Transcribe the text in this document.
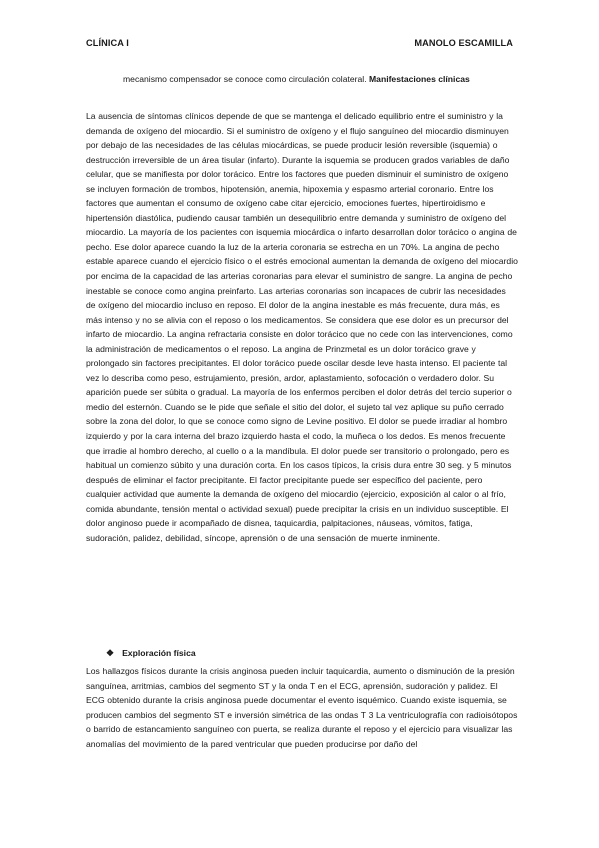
CLÍNICA I	MANOLO ESCAMILLA
mecanismo compensador se conoce como circulación colateral. Manifestaciones clínicas

La ausencia de síntomas clínicos depende de que se mantenga el delicado equilibrio entre el suministro y la demanda de oxígeno del miocardio. Si el suministro de oxígeno y el flujo sanguíneo del miocardio disminuyen por debajo de las necesidades de las células miocárdicas, se puede producir lesión reversible (isquemia) o destrucción irreversible de un área tisular (infarto). Durante la isquemia se producen grados variables de daño celular, que se manifiesta por dolor torácico. Entre los factores que pueden disminuir el suministro de oxígeno se incluyen formación de trombos, hipotensión, anemia, hipoxemia y espasmo arterial coronario. Entre los factores que aumentan el consumo de oxígeno cabe citar ejercicio, emociones fuertes, hipertiroidismo e hipertensión diastólica, pudiendo causar también un desequilibrio entre demanda y suministro de oxígeno del miocardio. La mayoría de los pacientes con isquemia miocárdica o infarto desarrollan dolor torácico o angina de pecho. Ese dolor aparece cuando la luz de la arteria coronaria se estrecha en un 70%. La angina de pecho estable aparece cuando el ejercicio físico o el estrés emocional aumentan la demanda de oxígeno del miocardio por encima de la capacidad de las arterias coronarias para elevar el suministro de sangre. La angina de pecho inestable se conoce como angina preinfarto. Las arterias coronarias son incapaces de cubrir las necesidades de oxígeno del miocardio incluso en reposo. El dolor de la angina inestable es más frecuente, dura más, es más intenso y no se alivia con el reposo o los medicamentos. Se considera que ese dolor es un precursor del infarto de miocardio. La angina refractaria consiste en dolor torácico que no cede con las intervenciones, como la administración de medicamentos o el reposo. La angina de Prinzmetal es un dolor torácico grave y prolongado sin factores precipitantes. El dolor torácico puede oscilar desde leve hasta intenso. El paciente tal vez lo describa como peso, estrujamiento, presión, ardor, aplastamiento, sofocación o verdadero dolor. Su aparición puede ser súbita o gradual. La mayoría de los enfermos perciben el dolor detrás del tercio superior o medio del esternón. Cuando se le pide que señale el sitio del dolor, el sujeto tal vez aplique su puño cerrado sobre la zona del dolor, lo que se conoce como signo de Levine positivo. El dolor se puede irradiar al hombro izquierdo y por la cara interna del brazo izquierdo hasta el codo, la muñeca o los dedos. Es menos frecuente que irradie al hombro derecho, al cuello o a la mandíbula. El dolor puede ser transitorio o prolongado, pero es habitual un comienzo súbito y una duración corta. En los casos típicos, la crisis dura entre 30 seg. y 5 minutos después de eliminar el factor precipitante. El factor precipitante puede ser específico del paciente, pero cualquier actividad que aumente la demanda de oxígeno del miocardio (ejercicio, exposición al calor o al frío, comida abundante, tensión mental o actividad sexual) puede precipitar la crisis en un individuo susceptible. El dolor anginoso puede ir acompañado de disnea, taquicardia, palpitaciones, náuseas, vómitos, fatiga, sudoración, palidez, debilidad, síncope, aprensión o de una sensación de muerte inminente.

❖ Exploración física

Los hallazgos físicos durante la crisis anginosa pueden incluir taquicardia, aumento o disminución de la presión sanguínea, arritmias, cambios del segmento ST y la onda T en el ECG, aprensión, sudoración y palidez. El ECG obtenido durante la crisis anginosa puede documentar el evento isquémico. Cuando existe isquemia, se producen cambios del segmento ST e inversión simétrica de las ondas T 3 La ventriculografía con radioisótopos o barrido de estancamiento sanguíneo con puerta, se realiza durante el reposo y el ejercicio para visualizar las anomalías del movimiento de la pared ventricular que pueden producirse por daño del
